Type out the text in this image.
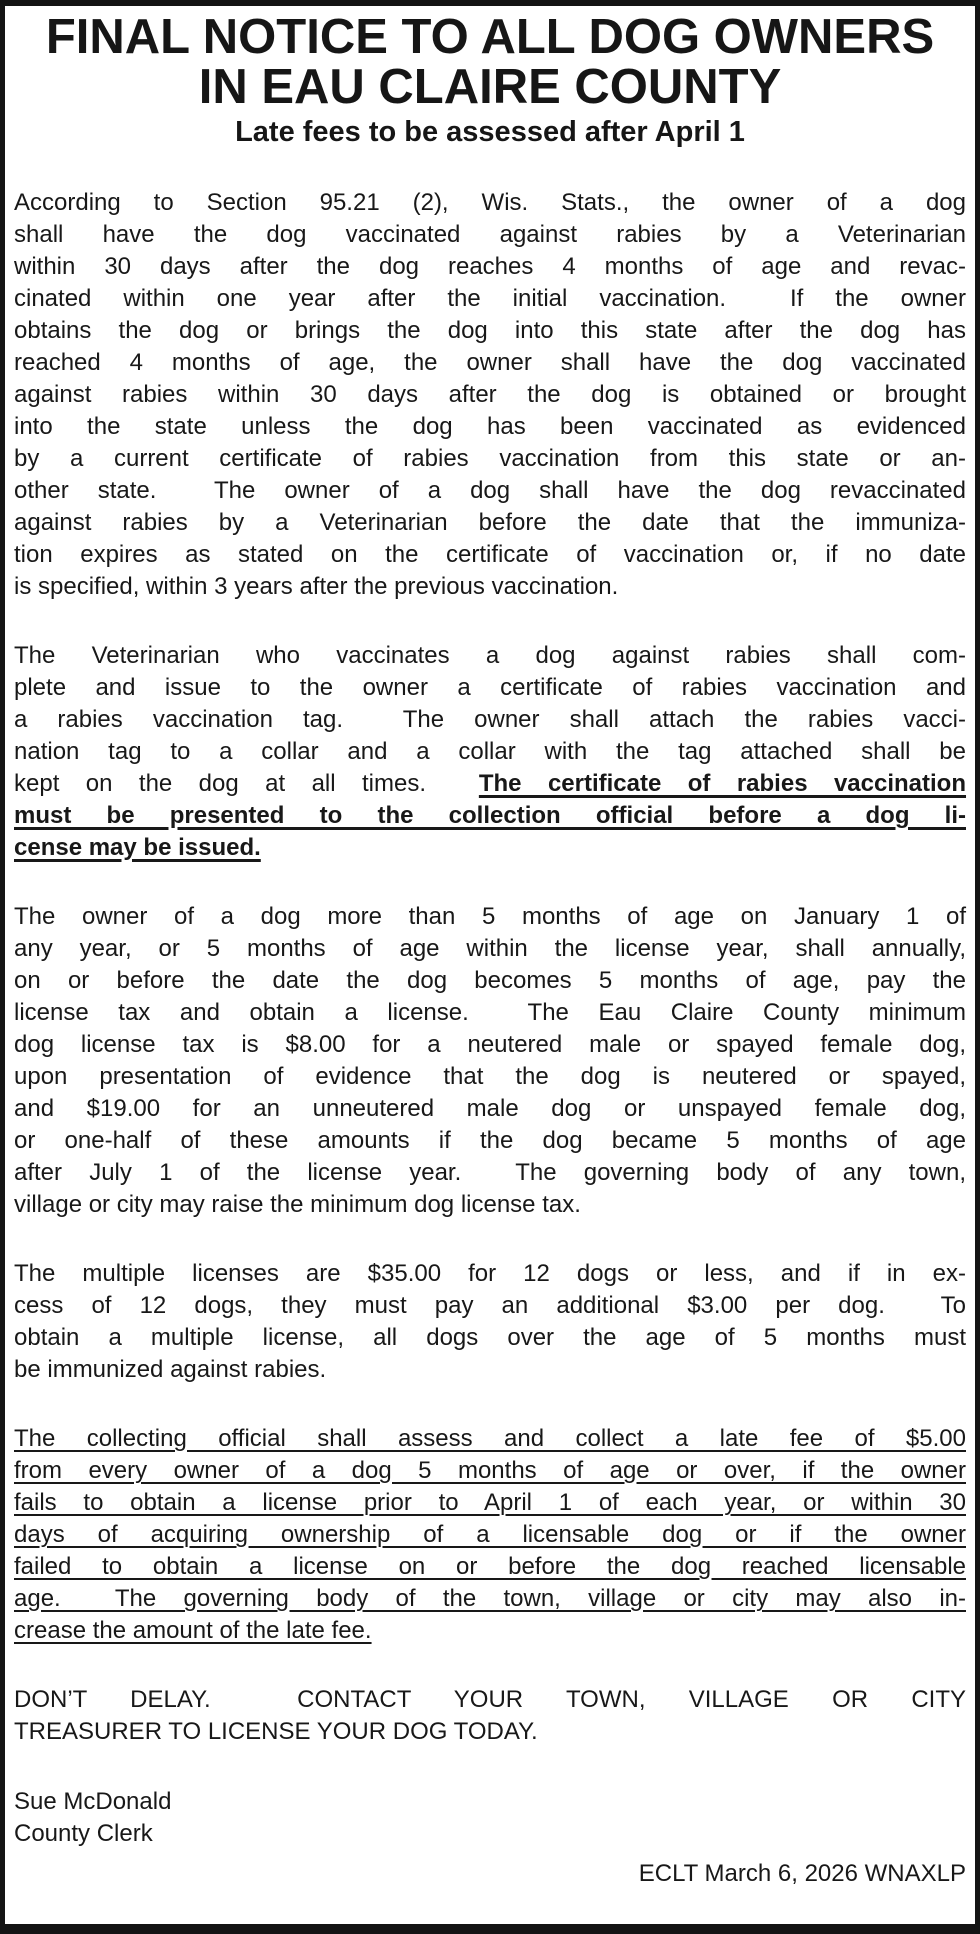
FINAL NOTICE TO ALL DOG OWNERS
IN EAU CLAIRE COUNTY
Late fees to be assessed after April 1
According to Section 95.21 (2), Wis. Stats., the owner of a dog
shall have the dog vaccinated against rabies by a Veterinarian
within 30 days after the dog reaches 4 months of age and revac-
cinated within one year after the initial vaccination.  If the owner
obtains the dog or brings the dog into this state after the dog has
reached 4 months of age, the owner shall have the dog vaccinated
against rabies within 30 days after the dog is obtained or brought
into the state unless the dog has been vaccinated as evidenced
by a current certificate of rabies vaccination from this state or an-
other state.  The owner of a dog shall have the dog revaccinated
against rabies by a Veterinarian before the date that the immuniza-
tion expires as stated on the certificate of vaccination or, if no date
is specified, within 3 years after the previous vaccination.
The Veterinarian who vaccinates a dog against rabies shall com-
plete and issue to the owner a certificate of rabies vaccination and
a rabies vaccination tag.  The owner shall attach the rabies vacci-
nation tag to a collar and a collar with the tag attached shall be
kept on the dog at all times.  The certificate of rabies vaccination
must be presented to the collection official before a dog li-
cense may be issued.
The owner of a dog more than 5 months of age on January 1 of
any year, or 5 months of age within the license year, shall annually,
on or before the date the dog becomes 5 months of age, pay the
license tax and obtain a license.  The Eau Claire County minimum
dog license tax is $8.00 for a neutered male or spayed female dog,
upon presentation of evidence that the dog is neutered or spayed,
and $19.00 for an unneutered male dog or unspayed female dog,
or one-half of these amounts if the dog became 5 months of age
after July 1 of the license year.  The governing body of any town,
village or city may raise the minimum dog license tax.
The multiple licenses are $35.00 for 12 dogs or less, and if in ex-
cess of 12 dogs, they must pay an additional $3.00 per dog.  To
obtain a multiple license, all dogs over the age of 5 months must
be immunized against rabies.
The collecting official shall assess and collect a late fee of $5.00
from every owner of a dog 5 months of age or over, if the owner
fails to obtain a license prior to April 1 of each year, or within 30
days of acquiring ownership of a licensable dog or if the owner
failed to obtain a license on or before the dog reached licensable
age.  The governing body of the town, village or city may also in-
crease the amount of the late fee.
DON’T DELAY.  CONTACT YOUR TOWN, VILLAGE OR CITY
TREASURER TO LICENSE YOUR DOG TODAY.
Sue McDonald
County Clerk
ECLT March 6, 2026 WNAXLP
